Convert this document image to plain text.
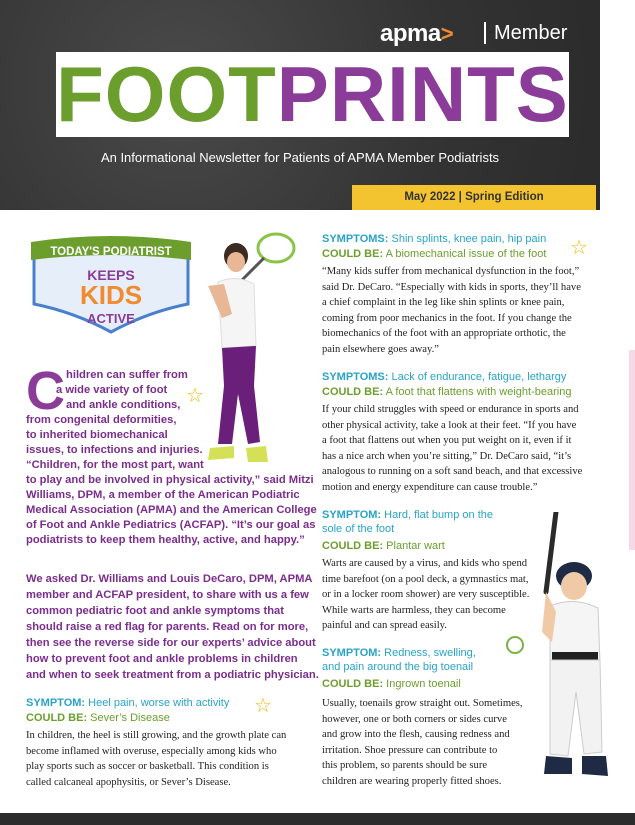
apma> Member
FOOTPRINTS
An Informational Newsletter for Patients of APMA Member Podiatrists
May 2022 | Spring Edition
TODAY'S PODIATRIST
KEEPS
KIDS
ACTIVE
☆
☆
☆
C hildren can suffer from
a wide variety of foot
and ankle conditions,
from congenital deformities,
to inherited biomechanical
issues, to infections and injuries.
“Children, for the most part, want
to play and be involved in physical activity,” said Mitzi
Williams, DPM, a member of the American Podiatric
Medical Association (APMA) and the American College
of Foot and Ankle Pediatrics (ACFAP). “It’s our goal as
podiatrists to keep them healthy, active, and happy.”
We asked Dr. Williams and Louis DeCaro, DPM, APMA
member and ACFAP president, to share with us a few
common pediatric foot and ankle symptoms that
should raise a red flag for parents. Read on for more,
then see the reverse side for our experts’ advice about
how to prevent foot and ankle problems in children
and when to seek treatment from a podiatric physician.
SYMPTOM: Heel pain, worse with activity
COULD BE: Sever’s Disease
In children, the heel is still growing, and the growth plate can
become inflamed with overuse, especially among kids who
play sports such as soccer or basketball. This condition is
called calcaneal apophysitis, or Sever’s Disease.
SYMPTOMS: Shin splints, knee pain, hip pain
COULD BE: A biomechanical issue of the foot
“Many kids suffer from mechanical dysfunction in the foot,”
said Dr. DeCaro. “Especially with kids in sports, they’ll have
a chief complaint in the leg like shin splints or knee pain,
coming from poor mechanics in the foot. If you change the
biomechanics of the foot with an appropriate orthotic, the
pain elsewhere goes away.”
SYMPTOMS: Lack of endurance, fatigue, lethargy
COULD BE: A foot that flattens with weight-bearing
If your child struggles with speed or endurance in sports and
other physical activity, take a look at their feet. “If you have
a foot that flattens out when you put weight on it, even if it
has a nice arch when you’re sitting,” Dr. DeCaro said, “it’s
analogous to running on a soft sand beach, and that excessive
motion and energy expenditure can cause trouble.”
SYMPTOM: Hard, flat bump on the
sole of the foot
COULD BE: Plantar wart
Warts are caused by a virus, and kids who spend
time barefoot (on a pool deck, a gymnastics mat,
or in a locker room shower) are very susceptible.
While warts are harmless, they can become
painful and can spread easily.
SYMPTOM: Redness, swelling,
and pain around the big toenail
COULD BE: Ingrown toenail
Usually, toenails grow straight out. Sometimes,
however, one or both corners or sides curve
and grow into the flesh, causing redness and
irritation. Shoe pressure can contribute to
this problem, so parents should be sure
children are wearing properly fitted shoes.
